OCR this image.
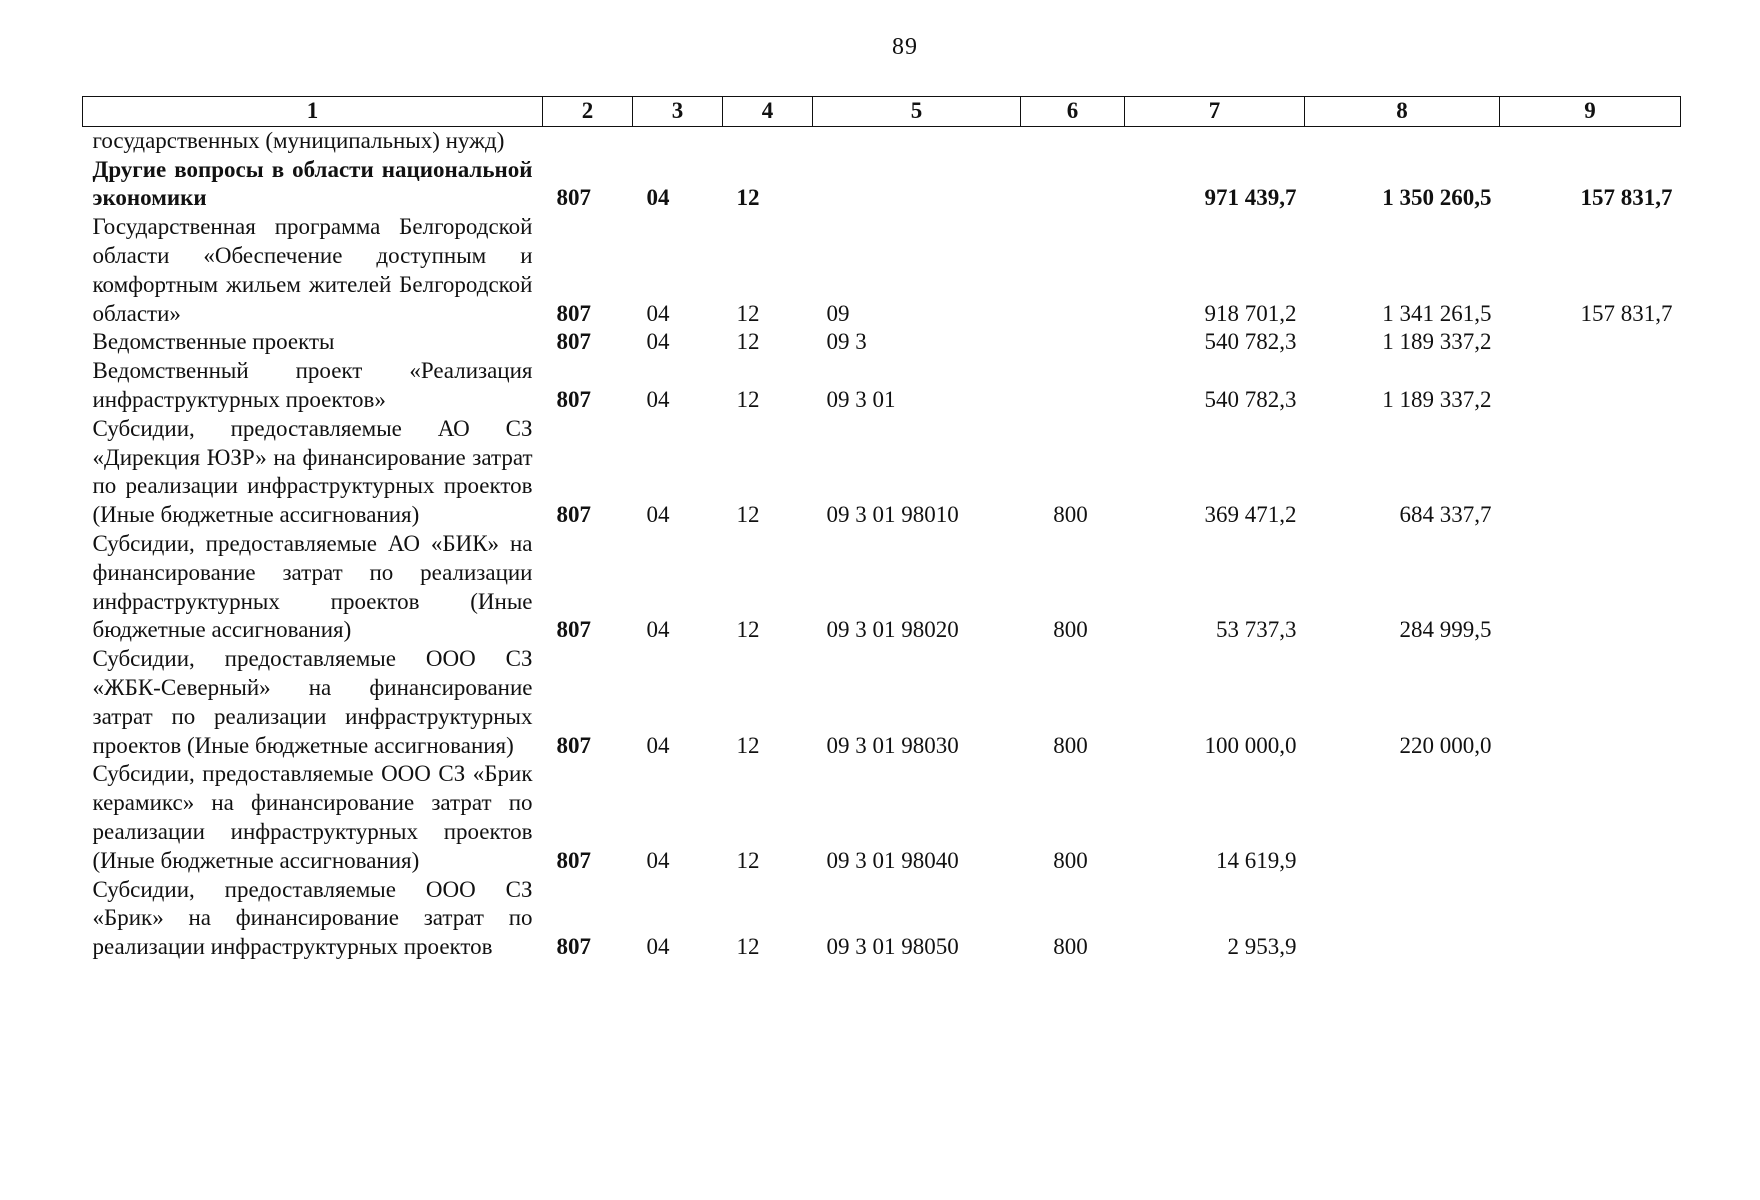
89
1	2	3	4	5	6	7	8	9
государственных (муниципальных) нужд)								
Другие вопросы в области национальной экономики	807	04	12			971 439,7	1 350 260,5	157 831,7
Государственная программа Белгородской области «Обеспечение доступным и комфортным жильем жителей Белгородской области»	807	04	12	09		918 701,2	1 341 261,5	157 831,7
Ведомственные проекты	807	04	12	09 3		540 782,3	1 189 337,2	
Ведомственный проект «Реализация инфраструктурных проектов»	807	04	12	09 3 01		540 782,3	1 189 337,2	
Субсидии, предоставляемые АО СЗ «Дирекция ЮЗР» на финансирование затрат по реализации инфраструктурных проектов (Иные бюджетные ассигнования)	807	04	12	09 3 01 98010	800	369 471,2	684 337,7	
Субсидии, предоставляемые АО «БИК» на финансирование затрат по реализации инфраструктурных проектов (Иные бюджетные ассигнования)	807	04	12	09 3 01 98020	800	53 737,3	284 999,5	
Субсидии, предоставляемые ООО СЗ «ЖБК-Северный» на финансирование затрат по реализации инфраструктурных проектов (Иные бюджетные ассигнования)	807	04	12	09 3 01 98030	800	100 000,0	220 000,0	
Субсидии, предоставляемые ООО СЗ «Брик керамикс» на финансирование затрат по реализации инфраструктурных проектов (Иные бюджетные ассигнования)	807	04	12	09 3 01 98040	800	14 619,9		
Субсидии, предоставляемые ООО СЗ «Брик» на финансирование затрат по реализации инфраструктурных проектов	807	04	12	09 3 01 98050	800	2 953,9		
